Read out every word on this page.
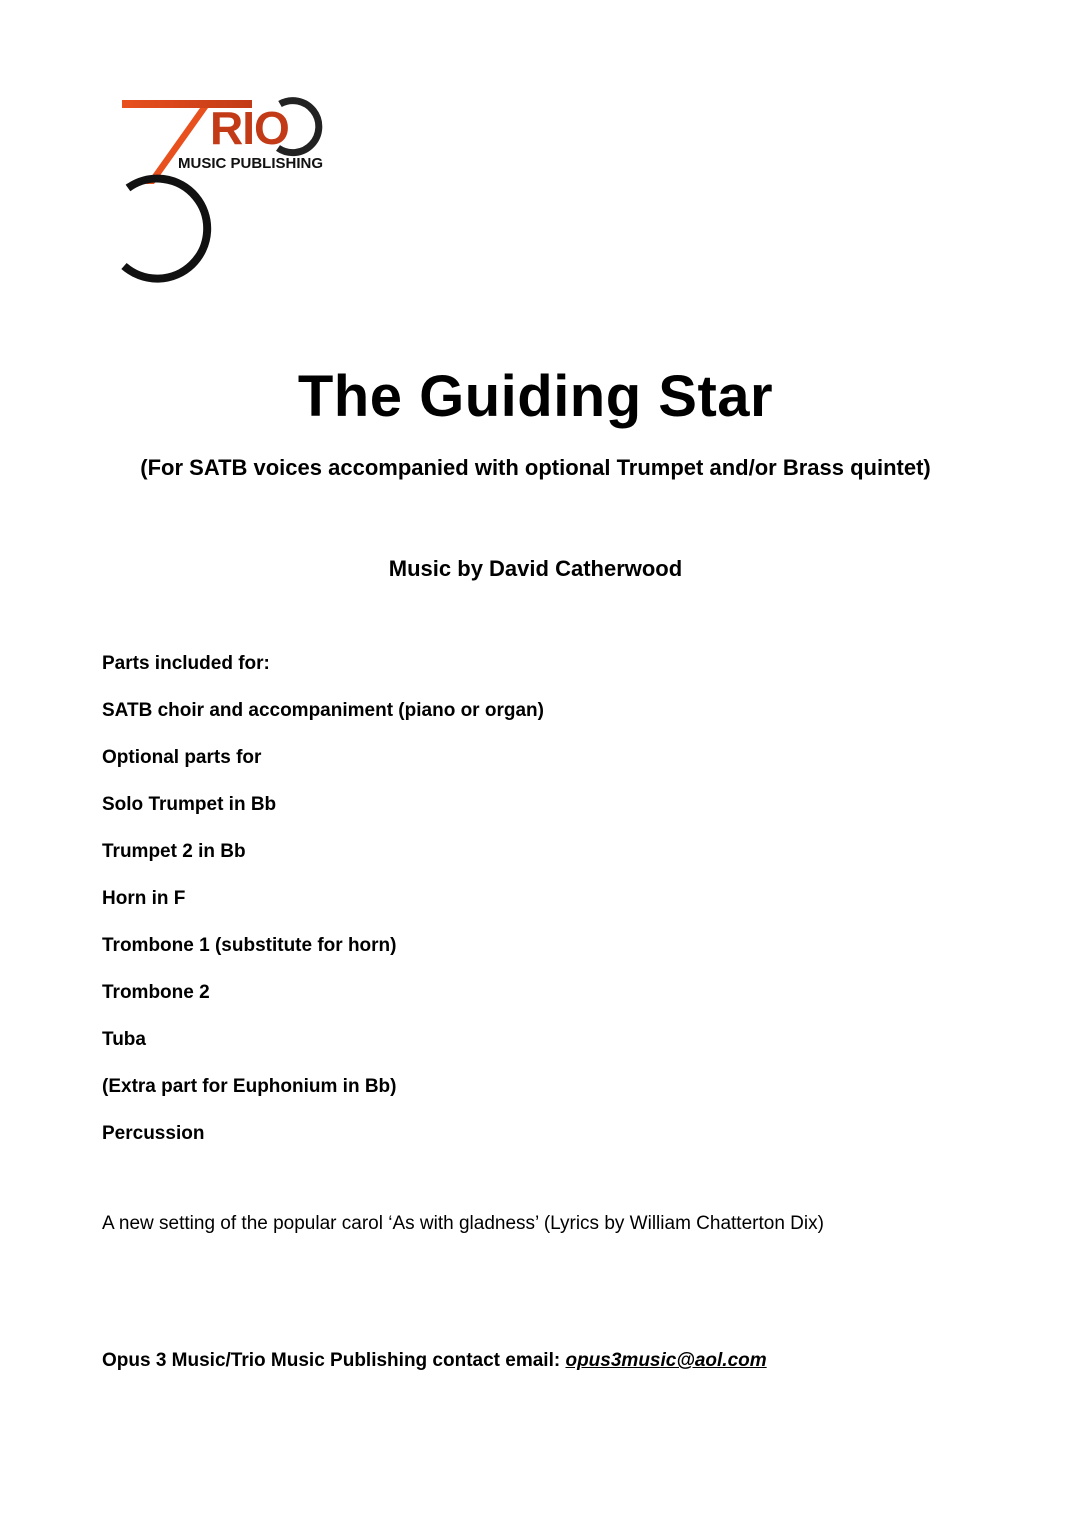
RIO
MUSIC PUBLISHING
The Guiding Star
(For SATB voices accompanied with optional Trumpet and/or Brass quintet)
Music by David Catherwood
Parts included for:
SATB choir and accompaniment (piano or organ)
Optional parts for
Solo Trumpet in Bb
Trumpet 2 in Bb
Horn in F
Trombone 1 (substitute for horn)
Trombone 2
Tuba
(Extra part for Euphonium in Bb)
Percussion
A new setting of the popular carol ‘As with gladness’ (Lyrics by William Chatterton Dix)
Opus 3 Music/Trio Music Publishing contact email: opus3music@aol.com
